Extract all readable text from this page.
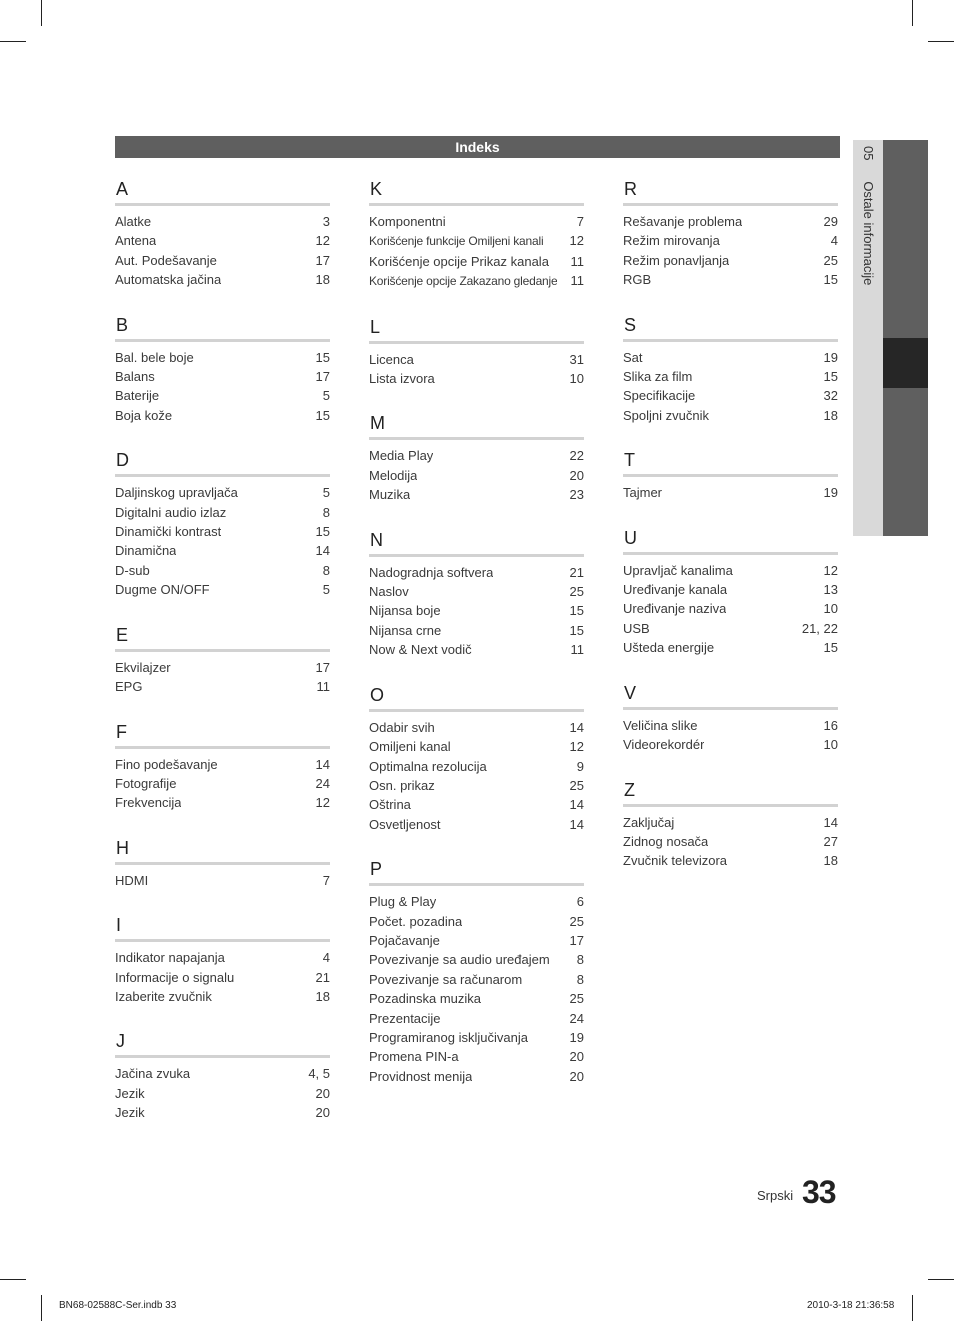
Indeks
A
Alatke	3
Antena	12
Aut. Podešavanje	17
Automatska jačina	18
B
Bal. bele boje	15
Balans	17
Baterije	5
Boja kože	15
D
Daljinskog upravljača	5
Digitalni audio izlaz	8
Dinamički kontrast	15
Dinamična	14
D-sub	8
Dugme ON/OFF	5
E
Ekvilajzer	17
EPG	11
F
Fino podešavanje	14
Fotografije	24
Frekvencija	12
H
HDMI	7
I
Indikator napajanja	4
Informacije o signalu	21
Izaberite zvučnik	18
J
Jačina zvuka	4, 5
Jezik	20
Jezik	20
K
Komponentni	7
Korišćenje funkcije Omiljeni kanali	12
Korišćenje opcije Prikaz kanala	11
Korišćenje opcije Zakazano gledanje	11
L
Licenca	31
Lista izvora	10
M
Media Play	22
Melodija	20
Muzika	23
N
Nadogradnja softvera	21
Naslov	25
Nijansa boje	15
Nijansa crne	15
Now & Next vodič	11
O
Odabir svih	14
Omiljeni kanal	12
Optimalna rezolucija	9
Osn. prikaz	25
Oštrina	14
Osvetljenost	14
P
Plug & Play	6
Počet. pozadina	25
Pojačavanje	17
Povezivanje sa audio uređajem	8
Povezivanje sa računarom	8
Pozadinska muzika	25
Prezentacije	24
Programiranog isključivanja	19
Promena PIN-a	20
Providnost menija	20
R
Rešavanje problema	29
Režim mirovanja	4
Režim ponavljanja	25
RGB	15
S
Sat	19
Slika za film	15
Specifikacije	32
Spoljni zvučnik	18
T
Tajmer	19
U
Upravljač kanalima	12
Uređivanje kanala	13
Uređivanje naziva	10
USB	21, 22
Ušteda energije	15
V
Veličina slike	16
Videorekordér	10
Z
Zaključaj	14
Zidnog nosača	27
Zvučnik televizora	18
05   Ostale informacije
Srpski 33
BN68-02588C-Ser.indb 33	2010-3-18 21:36:58
